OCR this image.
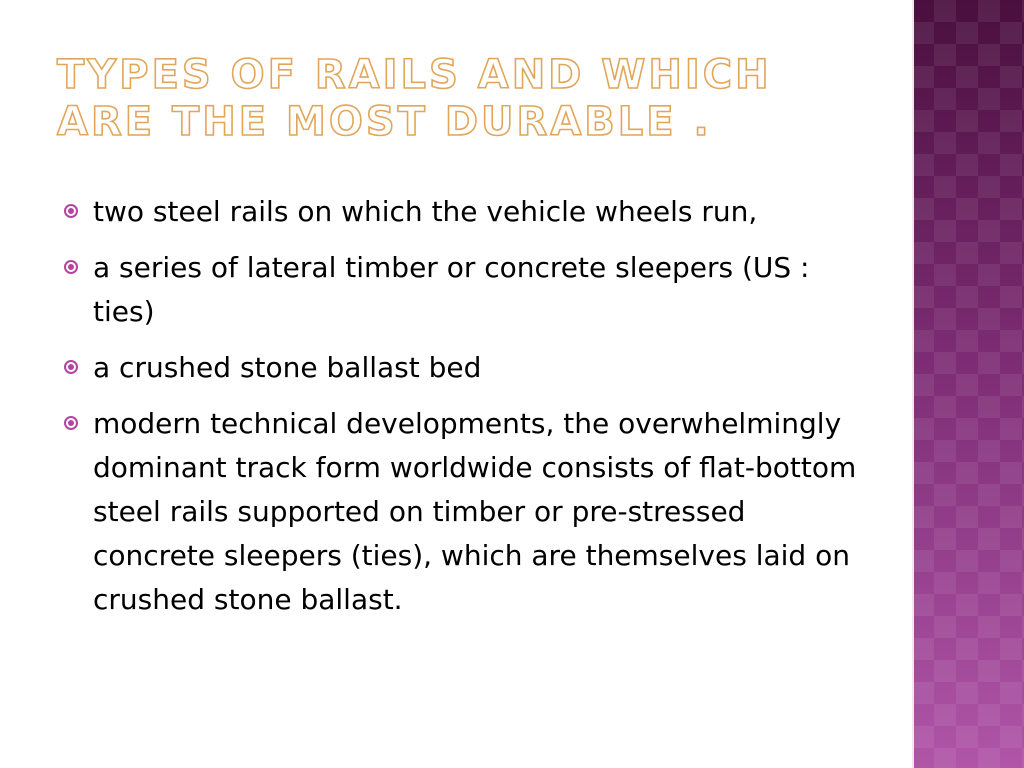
TYPES OF RAILS AND WHICH ARE THE MOST DURABLE .
two steel rails on which the vehicle wheels run,
a series of lateral timber or concrete sleepers (US : ties)
a crushed stone ballast bed
modern technical developments, the overwhelmingly dominant track form worldwide consists of flat-bottom steel rails supported on timber or pre-stressed concrete sleepers (ties), which are themselves laid on crushed stone ballast.
